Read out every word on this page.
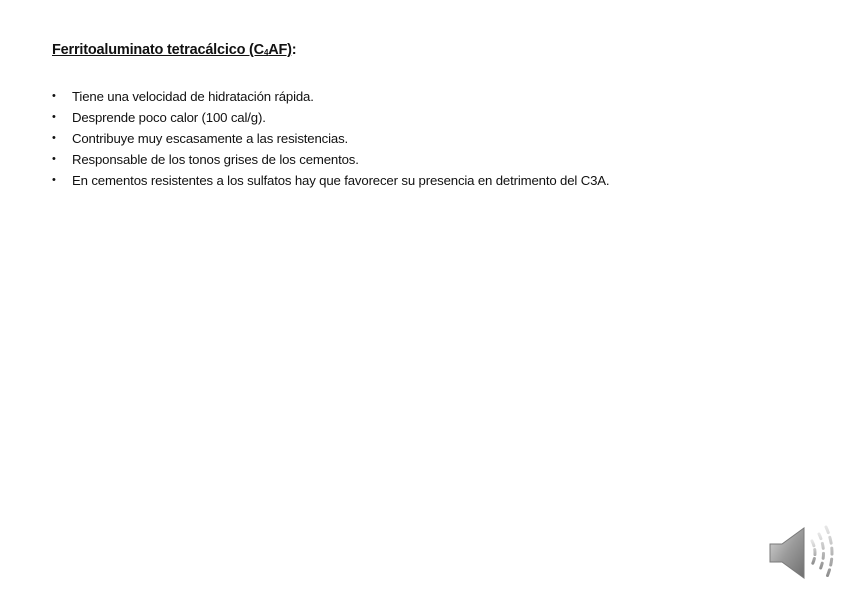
Ferritoaluminato tetracálcico $(C_4AF)$:
• Tiene una velocidad de hidratación rápida.
• Desprende poco calor (100 cal/g).
• Contribuye muy escasamente a las resistencias.
• Responsable de los tonos grises de los cementos.
• En cementos resistentes a los sulfatos hay que favorecer su presencia en detrimento del C3A.
